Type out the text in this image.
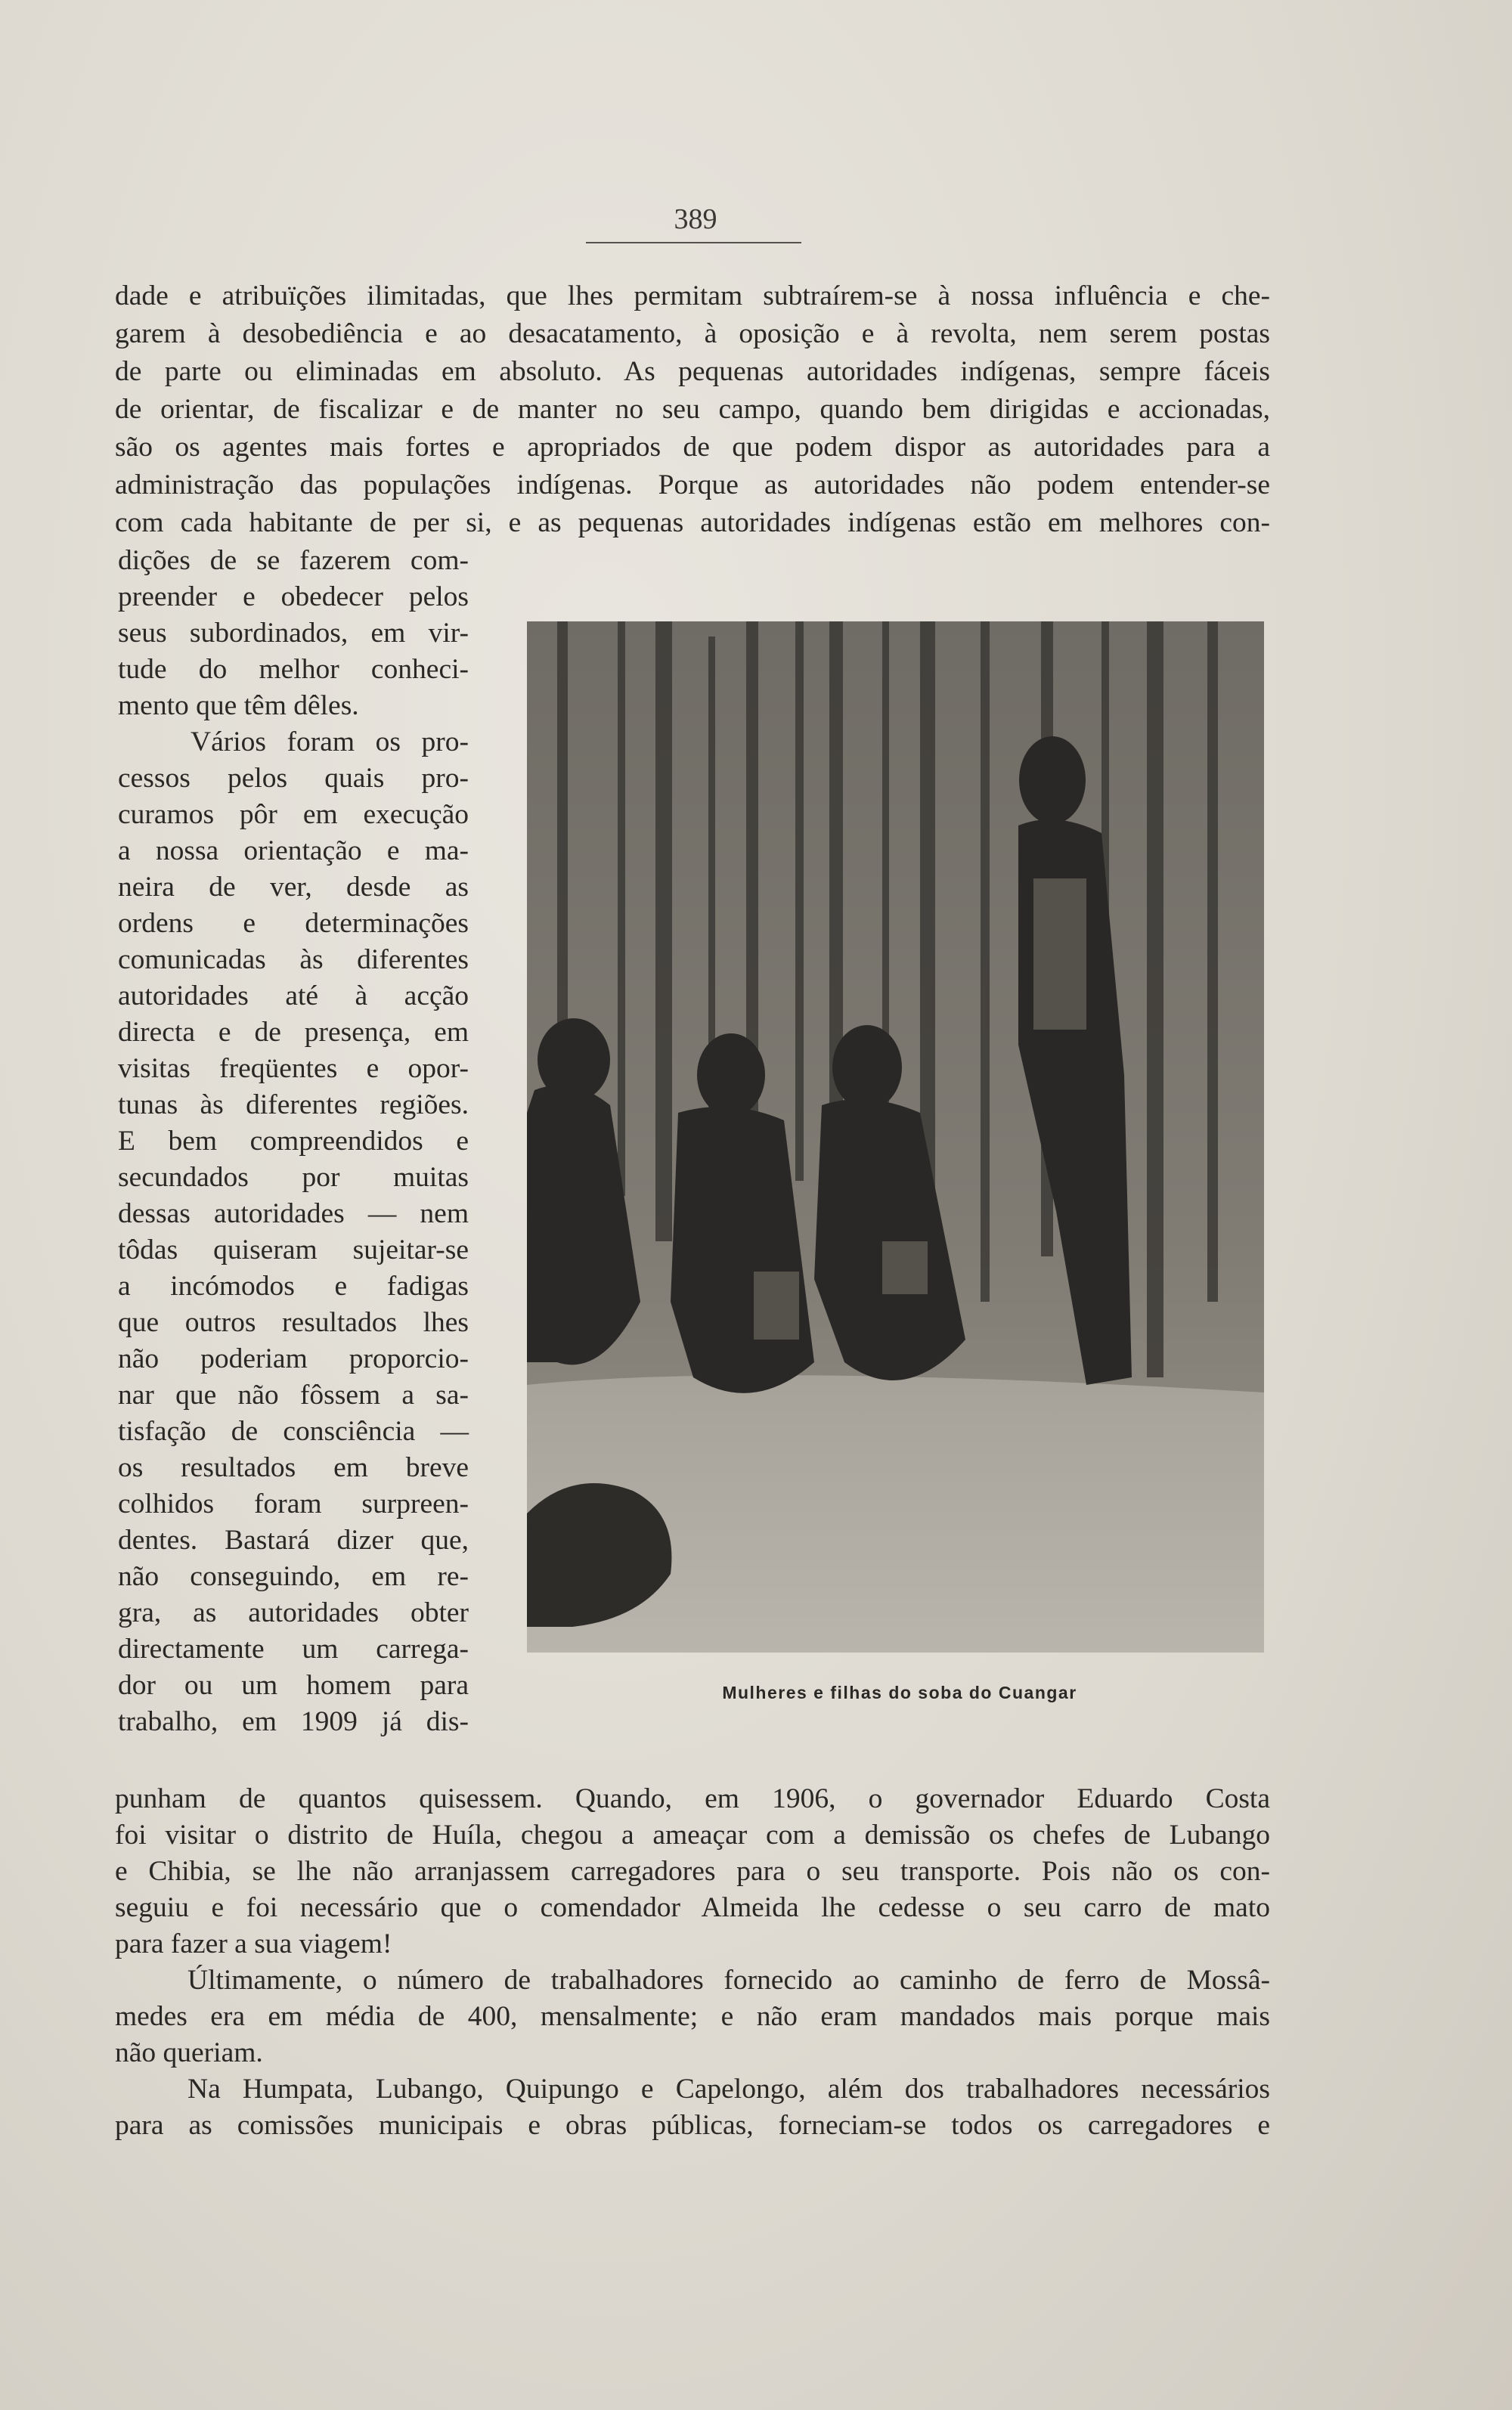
389
dade e atribuïções ilimitadas, que lhes permitam subtraírem-se à nossa influência e che-
garem à desobediência e ao desacatamento, à oposição e à revolta, nem serem postas
de parte ou eliminadas em absoluto. As pequenas autoridades indígenas, sempre fáceis
de orientar, de fiscalizar e de manter no seu campo, quando bem dirigidas e accionadas,
são os agentes mais fortes e apropriados de que podem dispor as autoridades para a
administração das populações indígenas. Porque as autoridades não podem entender-se
com cada habitante de per si, e as pequenas autoridades indígenas estão em melhores con-
dições de se fazerem com-
preender e obedecer pelos
seus subordinados, em vir-
tude do melhor conheci-
mento que têm dêles.
Vários foram os pro-
cessos pelos quais pro-
curamos pôr em execução
a nossa orientação e ma-
neira de ver, desde as
ordens e determinações
comunicadas às diferentes
autoridades até à acção
directa e de presença, em
visitas freqüentes e opor-
tunas às diferentes regiões.
E bem compreendidos e
secundados por muitas
dessas autoridades — nem
tôdas quiseram sujeitar-se
a incómodos e fadigas
que outros resultados lhes
não poderiam proporcio-
nar que não fôssem a sa-
tisfação de consciência —
os resultados em breve
colhidos foram surpreen-
dentes. Bastará dizer que,
não conseguindo, em re-
gra, as autoridades obter
directamente um carrega-
dor ou um homem para
trabalho, em 1909 já dis-
Mulheres e filhas do soba do Cuangar
punham de quantos quisessem. Quando, em 1906, o governador Eduardo Costa
foi visitar o distrito de Huíla, chegou a ameaçar com a demissão os chefes de Lubango
e Chibia, se lhe não arranjassem carregadores para o seu transporte. Pois não os con-
seguiu e foi necessário que o comendador Almeida lhe cedesse o seu carro de mato
para fazer a sua viagem!
Últimamente, o número de trabalhadores fornecido ao caminho de ferro de Mossâ-
medes era em média de 400, mensalmente; e não eram mandados mais porque mais
não queriam.
Na Humpata, Lubango, Quipungo e Capelongo, além dos trabalhadores necessários
para as comissões municipais e obras públicas, forneciam-se todos os carregadores e
